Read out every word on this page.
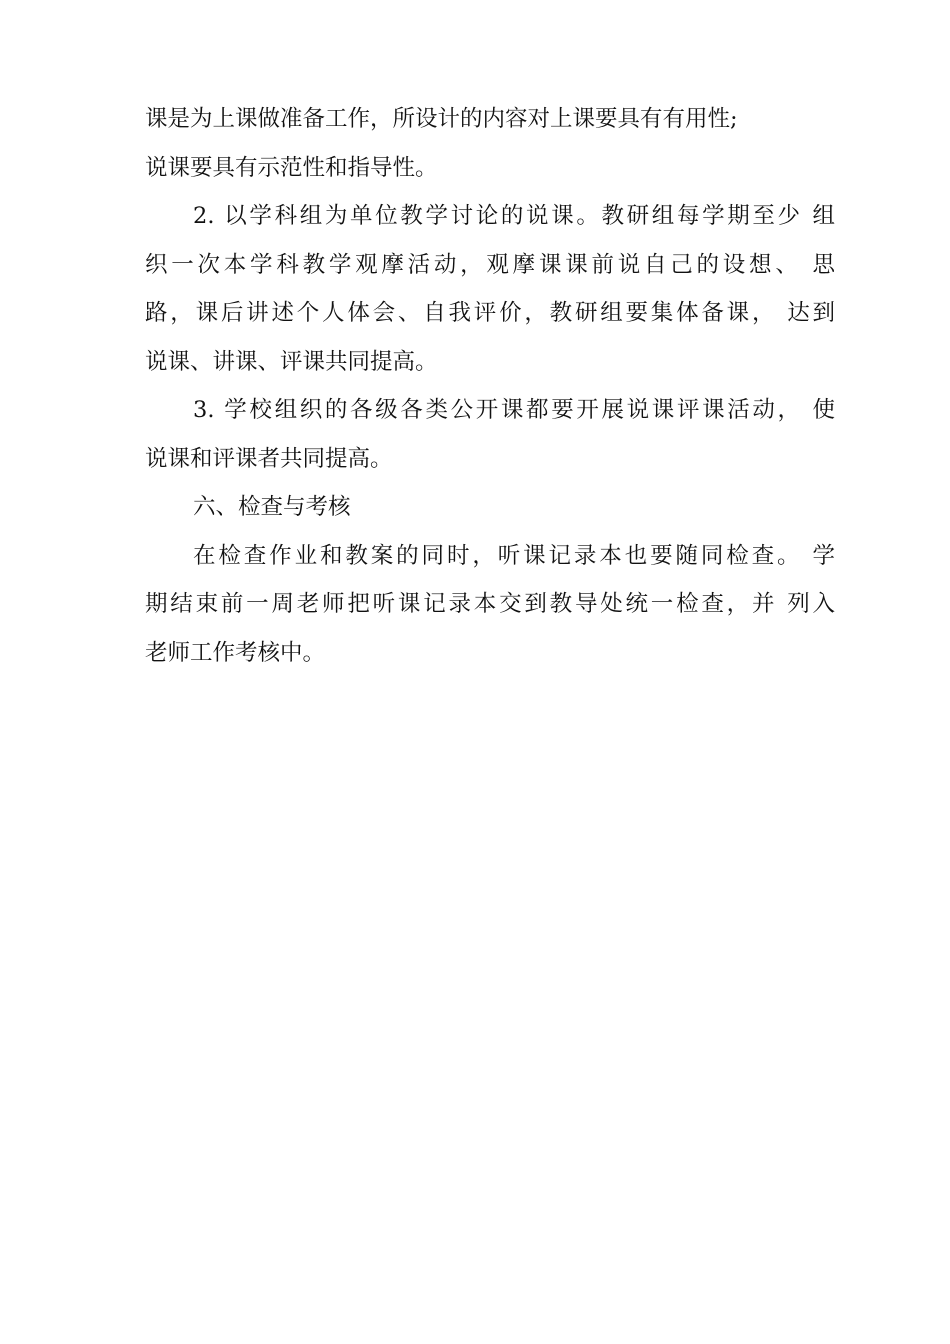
课是为上课做准备工作，所设计的内容对上课要具有有用性;
说课要具有示范性和指导性。
2. 以学科组为单位教学讨论的说课。教研组每学期至少 组
织一次本学科教学观摩活动，观摩课课前说自己的设想、 思
路，课后讲述个人体会、自我评价，教研组要集体备课， 达到
说课、讲课、评课共同提高。
3. 学校组织的各级各类公开课都要开展说课评课活动， 使
说课和评课者共同提高。
六、检查与考核
在检查作业和教案的同时，听课记录本也要随同检查。 学
期结束前一周老师把听课记录本交到教导处统一检查，并 列入
老师工作考核中。
